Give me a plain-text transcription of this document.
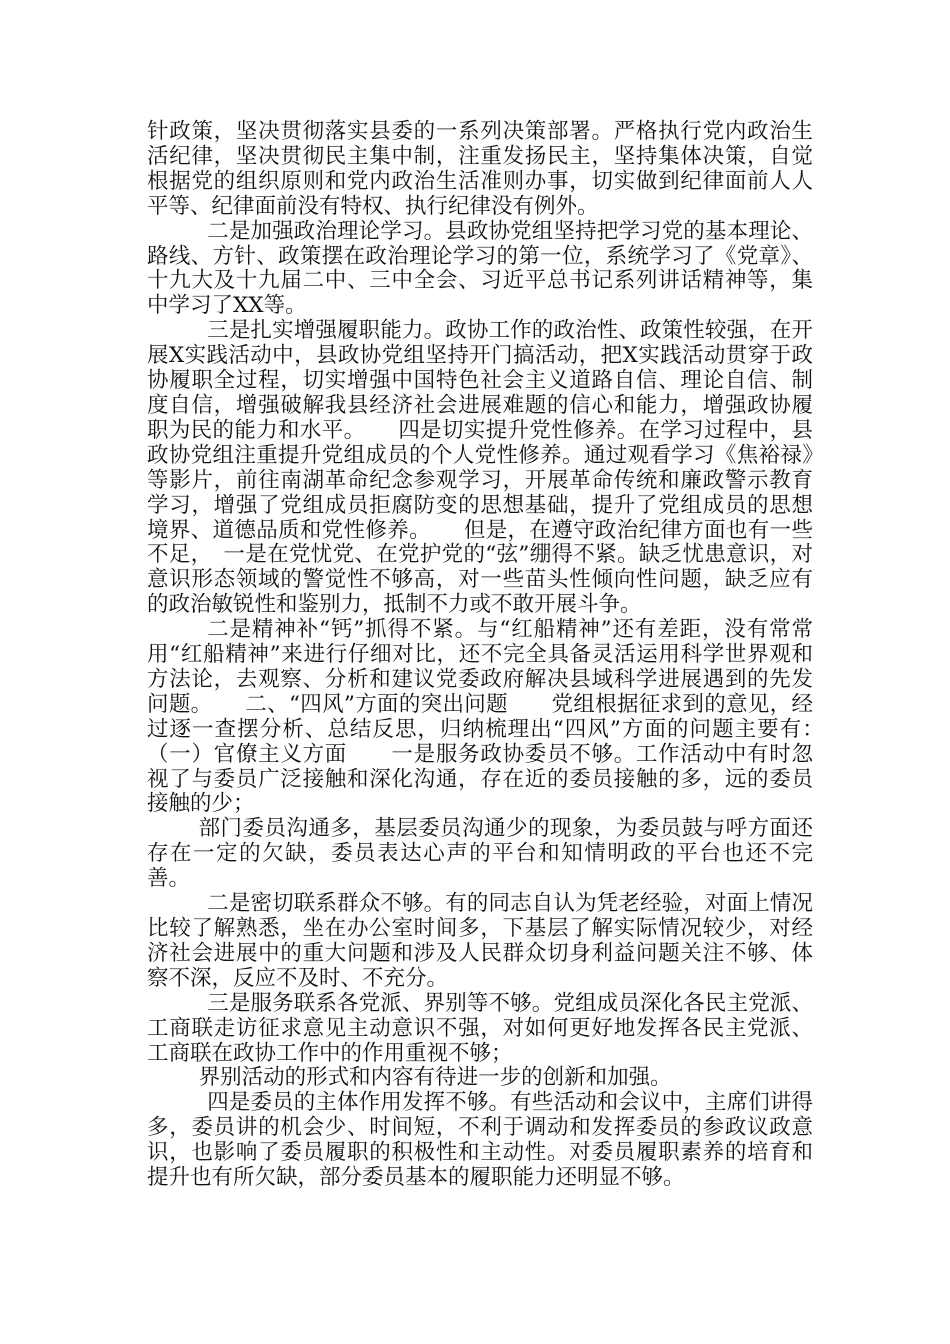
针政策，坚决贯彻落实县委的一系列决策部署。严格执行党内政治生活纪律，坚决贯彻民主集中制，注重发扬民主，坚持集体决策，自觉根据党的组织原则和党内政治生活准则办事，切实做到纪律面前人人平等、纪律面前没有特权、执行纪律没有例外。

二是加强政治理论学习。县政协党组坚持把学习党的基本理论、路线、方针、政策摆在政治理论学习的第一位，系统学习了《党章》、十九大及十九届二中、三中全会、习近平总书记系列讲话精神等，集中学习了XX等。

三是扎实增强履职能力。政协工作的政治性、政策性较强，在开展X实践活动中，县政协党组坚持开门搞活动，把X实践活动贯穿于政协履职全过程，切实增强中国特色社会主义道路自信、理论自信、制度自信，增强破解我县经济社会进展难题的信心和能力，增强政协履职为民的能力和水平。　　四是切实提升党性修养。在学习过程中，县政协党组注重提升党组成员的个人党性修养。通过观看学习《焦裕禄》等影片，前往南湖革命纪念参观学习，开展革命传统和廉政警示教育学习，增强了党组成员拒腐防变的思想基础，提升了党组成员的思想境界、道德品质和党性修养。　　但是，在遵守政治纪律方面也有一些不足，　一是在党忧党、在党护党的“弦”绷得不紧。缺乏忧患意识，对意识形态领域的警觉性不够高，对一些苗头性倾向性问题，缺乏应有的政治敏锐性和鉴别力，抵制不力或不敢开展斗争。

二是精神补“钙”抓得不紧。与“红船精神”还有差距，没有常常用“红船精神”来进行仔细对比，还不完全具备灵活运用科学世界观和方法论，去观察、分析和建议党委政府解决县域科学进展遇到的先发问题。　　二、“四风”方面的突出问题　　党组根据征求到的意见，经过逐一查摆分析、总结反思，归纳梳理出“四风”方面的问题主要有：　　（一）官僚主义方面　　一是服务政协委员不够。工作活动中有时忽视了与委员广泛接触和深化沟通，存在近的委员接触的多，远的委员接触的少；

部门委员沟通多，基层委员沟通少的现象，为委员鼓与呼方面还存在一定的欠缺，委员表达心声的平台和知情明政的平台也还不完善。

二是密切联系群众不够。有的同志自认为凭老经验，对面上情况比较了解熟悉，坐在办公室时间多，下基层了解实际情况较少，对经济社会进展中的重大问题和涉及人民群众切身利益问题关注不够、体察不深，反应不及时、不充分。

三是服务联系各党派、界别等不够。党组成员深化各民主党派、工商联走访征求意见主动意识不强，对如何更好地发挥各民主党派、工商联在政协工作中的作用重视不够；

界别活动的形式和内容有待进一步的创新和加强。

四是委员的主体作用发挥不够。有些活动和会议中，主席们讲得多，委员讲的机会少、时间短，不利于调动和发挥委员的参政议政意识，也影响了委员履职的积极性和主动性。对委员履职素养的培育和提升也有所欠缺，部分委员基本的履职能力还明显不够。
